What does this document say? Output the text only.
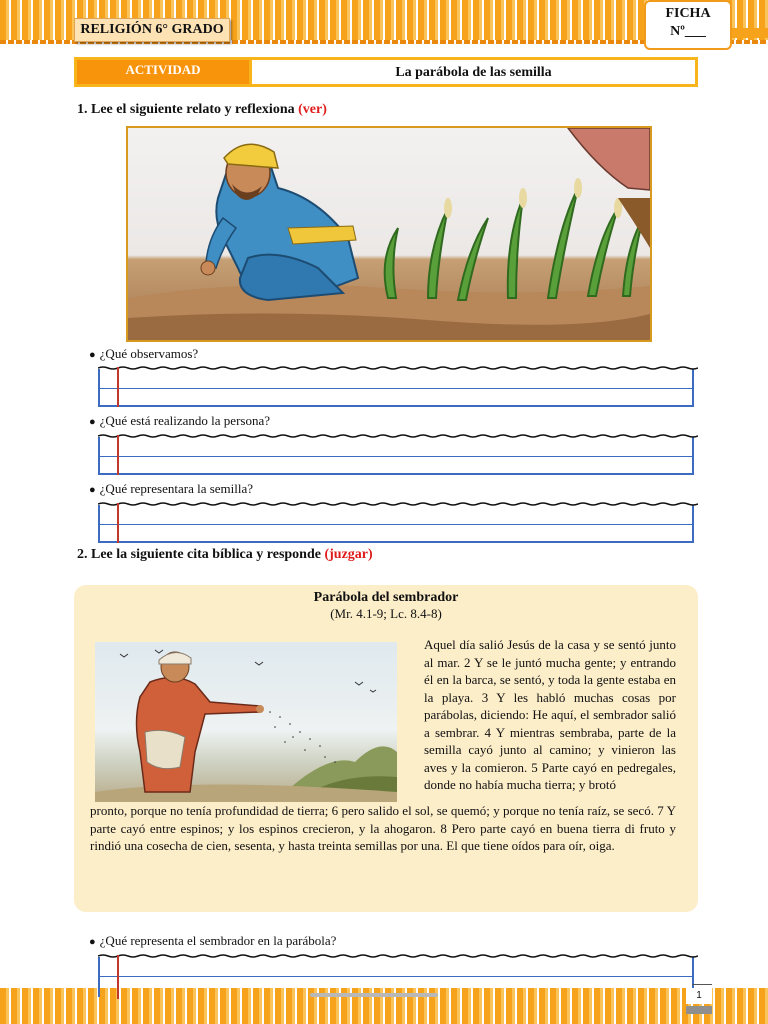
RELIGIÓN 6° GRADO
FICHA
Nº___
ACTIVIDAD	La parábola de las semilla
1. Lee el siguiente relato y reflexiona (ver)
● ¿Qué observamos?
● ¿Qué está realizando la persona?
● ¿Qué representara la semilla?
2. Lee la siguiente cita bíblica y responde (juzgar)
Parábola del sembrador
(Mr. 4.1-9; Lc. 8.4-8)
Aquel día salió Jesús de la casa y se sentó junto al mar. 2 Y se le juntó mucha gente; y entrando él en la barca, se sentó, y toda la gente estaba en la playa. 3 Y les habló muchas cosas por parábolas, diciendo: He aquí, el sembrador salió a sembrar. 4 Y mientras sembraba, parte de la semilla cayó junto al camino; y vinieron las aves y la comieron. 5 Parte cayó en pedregales, donde no había mucha tierra; y brotó
pronto, porque no tenía profundidad de tierra; 6 pero salido el sol, se quemó; y porque no tenía raíz, se secó. 7 Y parte cayó entre espinos; y los espinos crecieron, y la ahogaron. 8 Pero parte cayó en buena tierra di fruto y rindió una cosecha de cien, sesenta, y hasta treinta semillas por una. El que tiene oídos para oír, oiga.
● ¿Qué representa el sembrador en la parábola?
1
